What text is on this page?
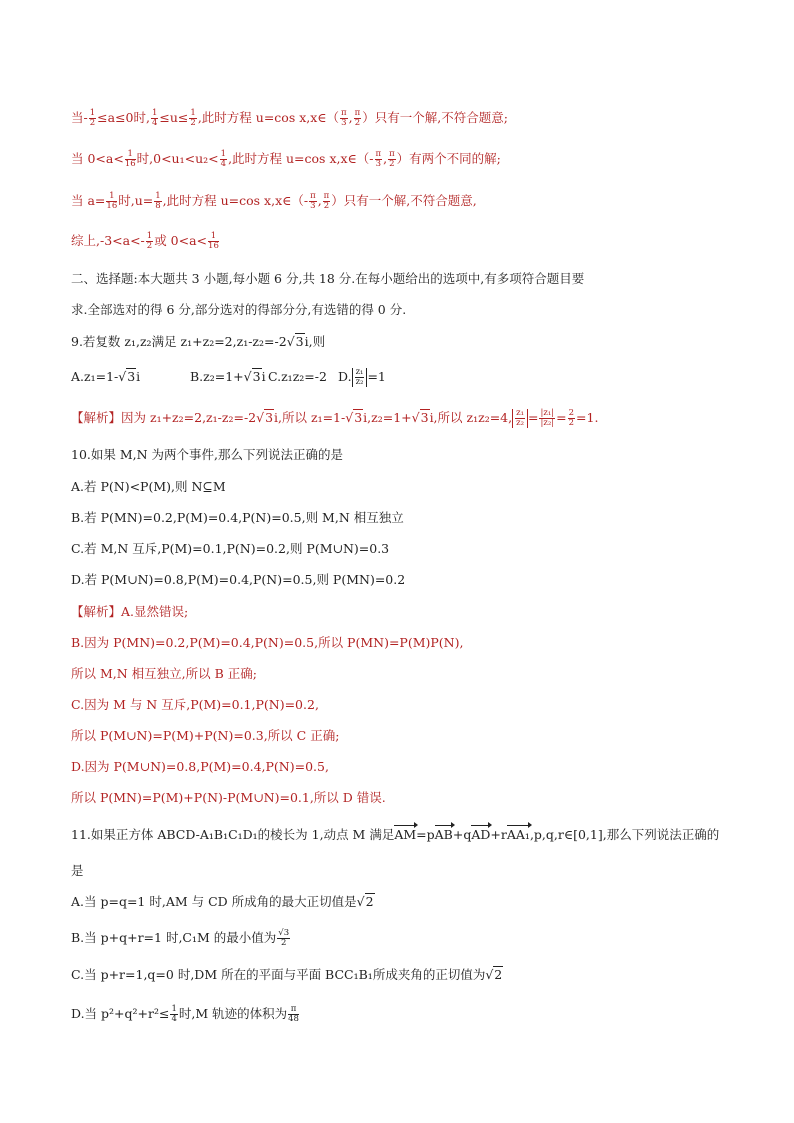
当- $\frac{1}{2} \le a\le 0$时, $\frac{1}{4} \le u\le \frac{1}{2}$ ,此时方程 u=cos x,x∈（ $\frac{\pi}{3}$ , $\frac{\pi}{2}$ ）只有一个解,不符合题意;
当 $0<a< \frac{1}{16}$ 时$,0<u_1<u_2< \frac{1}{4}$ ,此时方程 u=cos x,x∈（- $\frac{\pi}{3}$ , $\frac{\pi}{2}$ ）有两个不同的解;
当 $a= \frac{1}{16}$ 时$,u= \frac{1}{8}$ ,此时方程 u=cos x,x∈（- $\frac{\pi}{3}$ , $\frac{\pi}{2}$ ）只有一个解,不符合题意,
综上$,-3<a<- \frac{1}{2}$ 或 $0<a< \frac{1}{16}$
二、选择题:本大题共 3 小题,每小题 6 分,共 18 分.在每小题给出的选项中,有多项符合题目要
求.全部选对的得 6 分,部分选对的得部分分,有选错的得 0 分.
9.若复数 z₁,z₂满足 z₁+z₂=2,z₁-z₂=-2√3i,则
A.z₁=1-√3i	B.z₂=1+√3i C.z₁z₂=-2 D. $\frac{\text{z₁}}{\text{z₂}} =1$
【解析】因为 z₁+z₂=2,z₁-z₂=-2√3i,所以 z₁=1-√3i,z₂=1+√3i,所以 z₁z₂=4, $\frac{\text{z₁}}{\text{z₂}} = \frac{\text{|z₁|}}{\text{|z₂|}} = \frac{2}{2} =1$.
10.如果 M,N 为两个事件,那么下列说法正确的是
A.若 P(N)<P(M),则 N⊆M
B.若 P(MN)=0.2,P(M)=0.4,P(N)=0.5,则 M,N 相互独立
C.若 M,N 互斥,P(M)=0.1,P(N)=0.2,则 P(M∪N)=0.3
D.若 P(M∪N)=0.8,P(M)=0.4,P(N)=0.5,则 P(MN)=0.2
【解析】A.显然错误;
B.因为 P(MN)=0.2,P(M)=0.4,P(N)=0.5,所以 P(MN)=P(M)P(N),
所以 M,N 相互独立,所以 B 正确;
C.因为 M 与 N 互斥,P(M)=0.1,P(N)=0.2,
所以 P(M∪N)=P(M)+P(N)=0.3,所以 C 正确;
D.因为 P(M∪N)=0.8,P(M)=0.4,P(N)=0.5,
所以 P(MN)=P(M)+P(N)-P(M∪N)=0.1,所以 D 错误.
11.如果正方体 ABCD-A₁B₁C₁D₁的棱长为 1,动点 M 满足AM=pAB+qAD+rAA₁,p,q,r∈[0,1],那么下列说法正确的
是
A.当 p=q=1 时,AM 与 CD 所成角的最大正切值是√2
B.当 p+q+r=1 时,C₁M 的最小值为 $\frac{√3}{2}$
C.当 p+r=1,q=0 时,DM 所在的平面与平面 BCC₁B₁所成夹角的正切值为√2
D.当 $p^2+q^2+r^2\le \frac{1}{4}$ 时,M 轨迹的体积为 $\frac{\pi}{48}$
